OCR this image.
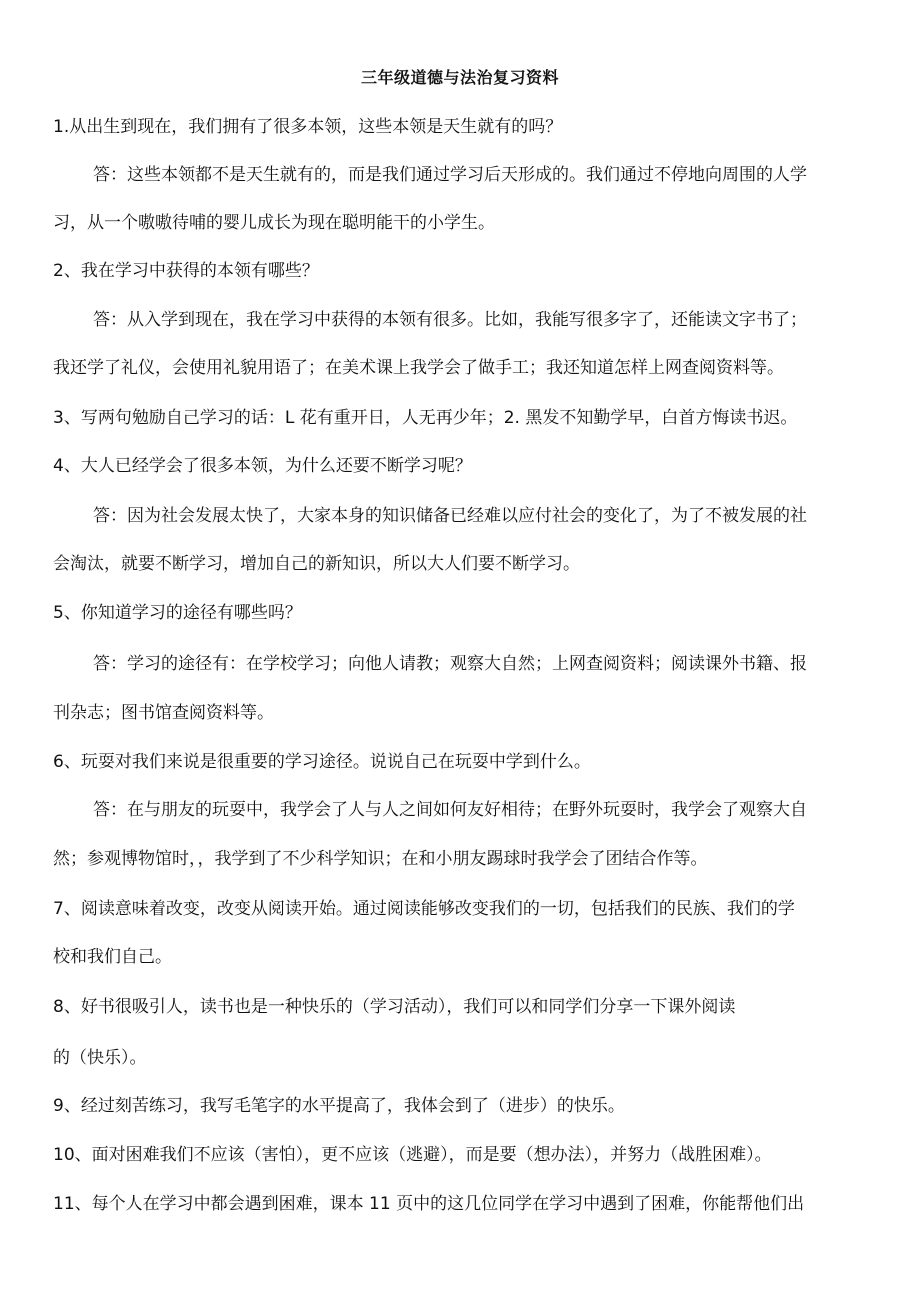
三年级道德与法治复习资料
1.从出生到现在，我们拥有了很多本领，这些本领是天生就有的吗？
答：这些本领都不是天生就有的，而是我们通过学习后天形成的。我们通过不停地向周围的人学
习，从一个嗷嗷待哺的婴儿成长为现在聪明能干的小学生。
2、我在学习中获得的本领有哪些？
答：从入学到现在，我在学习中获得的本领有很多。比如，我能写很多字了，还能读文字书了；
我还学了礼仪，会使用礼貌用语了；在美术课上我学会了做手工；我还知道怎样上网查阅资料等。
3、写两句勉励自己学习的话：L 花有重开日，人无再少年；2. 黑发不知勤学早，白首方悔读书迟。
4、大人已经学会了很多本领，为什么还要不断学习呢？
答：因为社会发展太快了，大家本身的知识储备已经难以应付社会的变化了，为了不被发展的社
会淘汰，就要不断学习，增加自己的新知识，所以大人们要不断学习。
5、你知道学习的途径有哪些吗？
答：学习的途径有：在学校学习；向他人请教；观察大自然；上网查阅资料；阅读课外书籍、报
刊杂志；图书馆查阅资料等。
6、玩耍对我们来说是很重要的学习途径。说说自己在玩耍中学到什么。
答：在与朋友的玩耍中，我学会了人与人之间如何友好相待；在野外玩耍时，我学会了观察大自
然；参观博物馆时，，我学到了不少科学知识；在和小朋友踢球时我学会了团结合作等。
7、阅读意味着改变，改变从阅读开始。通过阅读能够改变我们的一切，包括我们的民族、我们的学
校和我们自己。
8、好书很吸引人，读书也是一种快乐的（学习活动），我们可以和同学们分享一下课外阅读
的（快乐）。
9、经过刻苦练习，我写毛笔字的水平提高了，我体会到了（进步）的快乐。
10、面对困难我们不应该（害怕），更不应该（逃避），而是要（想办法），并努力（战胜困难）。
11、每个人在学习中都会遇到困难，课本 11 页中的这几位同学在学习中遇到了困难，你能帮他们出
